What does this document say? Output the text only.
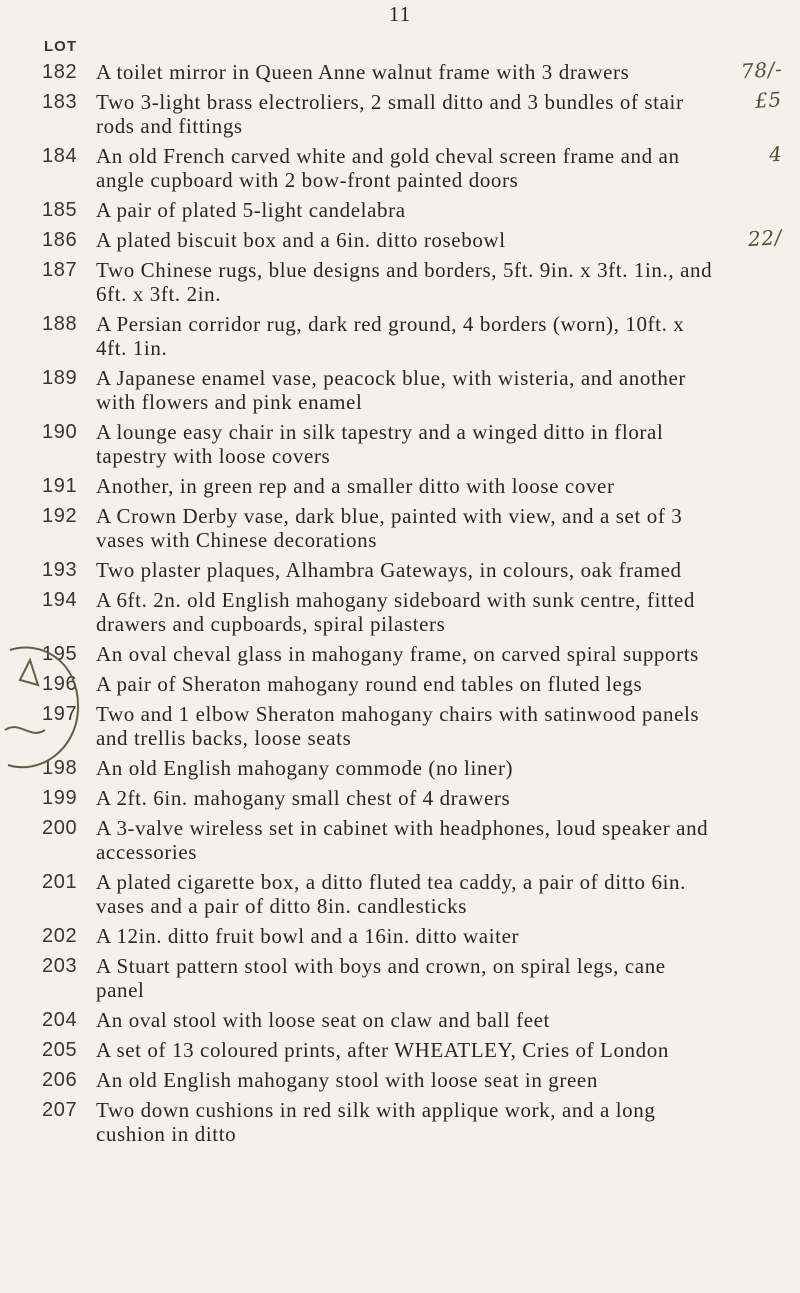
11
LOT
182 A toilet mirror in Queen Anne walnut frame with 3 drawers	78/-
183 Two 3-light brass electroliers, 2 small ditto and 3 bundles of stair rods and fittings
£5
184 An old French carved white and gold cheval screen frame and an angle cupboard with 2 bow-front painted doors
4
185 A pair of plated 5-light candelabra
186 A plated biscuit box and a 6in. ditto rosebowl	22/
187 Two Chinese rugs, blue designs and borders, 5ft. 9in. x 3ft. 1in., and 6ft. x 3ft. 2in.
188 A Persian corridor rug, dark red ground, 4 borders (worn), 10ft. x 4ft. 1in.
189 A Japanese enamel vase, peacock blue, with wisteria, and another with flowers and pink enamel
190 A lounge easy chair in silk tapestry and a winged ditto in floral tapestry with loose covers
191 Another, in green rep and a smaller ditto with loose cover
192 A Crown Derby vase, dark blue, painted with view, and a set of 3 vases with Chinese decorations
193 Two plaster plaques, Alhambra Gateways, in colours, oak framed
194 A 6ft. 2n. old English mahogany sideboard with sunk centre, fitted drawers and cupboards, spiral pilasters
195 An oval cheval glass in mahogany frame, on carved spiral supports
196 A pair of Sheraton mahogany round end tables on fluted legs
197 Two and 1 elbow Sheraton mahogany chairs with satinwood panels and trellis backs, loose seats
198 An old English mahogany commode (no liner)
199 A 2ft. 6in. mahogany small chest of 4 drawers
200 A 3-valve wireless set in cabinet with headphones, loud speaker and accessories
201 A plated cigarette box, a ditto fluted tea caddy, a pair of ditto 6in. vases and a pair of ditto 8in. candlesticks
202 A 12in. ditto fruit bowl and a 16in. ditto waiter
203 A Stuart pattern stool with boys and crown, on spiral legs, cane panel
204 An oval stool with loose seat on claw and ball feet
205 A set of 13 coloured prints, after WHEATLEY, Cries of London
206 An old English mahogany stool with loose seat in green
207 Two down cushions in red silk with applique work, and a long cushion in ditto
